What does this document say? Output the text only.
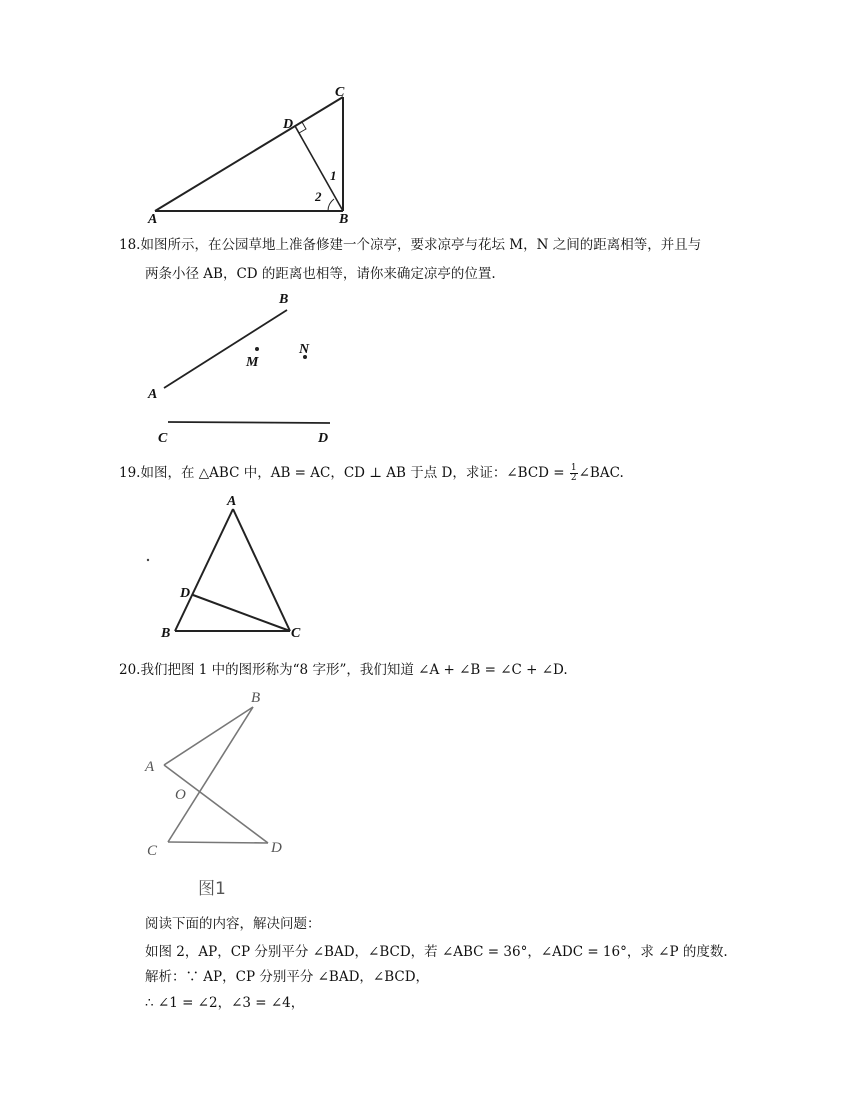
A	B
C
D
1
2
18.如图所示，在公园草地上准备修建一个凉亭，要求凉亭与花坛 M，N 之间的距离相等，并且与
两条小径 AB，CD 的距离也相等，请你来确定凉亭的位置.
A
B
C	D
M
N
19.如图，在 △ABC 中，AB = AC，CD ⊥ AB 于点 D，求证：∠BCD = $\frac{1}{2}$ ∠BAC.
A
B	C
D
20.我们把图 1 中的图形称为“8 字形”，我们知道 ∠A + ∠B = ∠C + ∠D.
A
B
C	D
O
图1
阅读下面的内容，解决问题：
如图 2，AP，CP 分别平分 ∠BAD，∠BCD，若 ∠ABC = 36°，∠ADC = 16°，求 ∠P 的度数.
解析：∵ AP，CP 分别平分 ∠BAD，∠BCD，
∴ ∠1 = ∠2，∠3 = ∠4，
